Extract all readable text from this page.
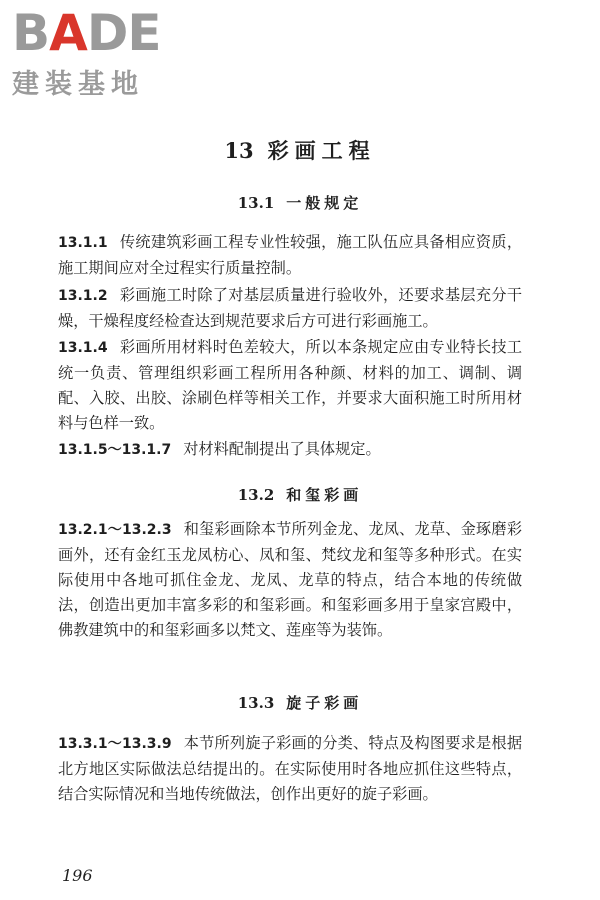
BADE
建装基地
13 彩画工程
13.1 一般规定
13.1.1 传统建筑彩画工程专业性较强，施工队伍应具备相应资质，施工期间应对全过程实行质量控制。
13.1.2 彩画施工时除了对基层质量进行验收外，还要求基层充分干燥，干燥程度经检查达到规范要求后方可进行彩画施工。
13.1.4 彩画所用材料时色差较大，所以本条规定应由专业特长技工统一负责、管理组织彩画工程所用各种颜、材料的加工、调制、调配、入胶、出胶、涂刷色样等相关工作，并要求大面积施工时所用材料与色样一致。
13.1.5～13.1.7 对材料配制提出了具体规定。
13.2 和玺彩画
13.2.1～13.2.3 和玺彩画除本节所列金龙、龙凤、龙草、金琢磨彩画外，还有金红玉龙凤枋心、凤和玺、梵纹龙和玺等多种形式。在实际使用中各地可抓住金龙、龙凤、龙草的特点，结合本地的传统做法，创造出更加丰富多彩的和玺彩画。和玺彩画多用于皇家宫殿中，佛教建筑中的和玺彩画多以梵文、莲座等为装饰。
13.3 旋子彩画
13.3.1～13.3.9 本节所列旋子彩画的分类、特点及构图要求是根据北方地区实际做法总结提出的。在实际使用时各地应抓住这些特点，结合实际情况和当地传统做法，创作出更好的旋子彩画。
196
